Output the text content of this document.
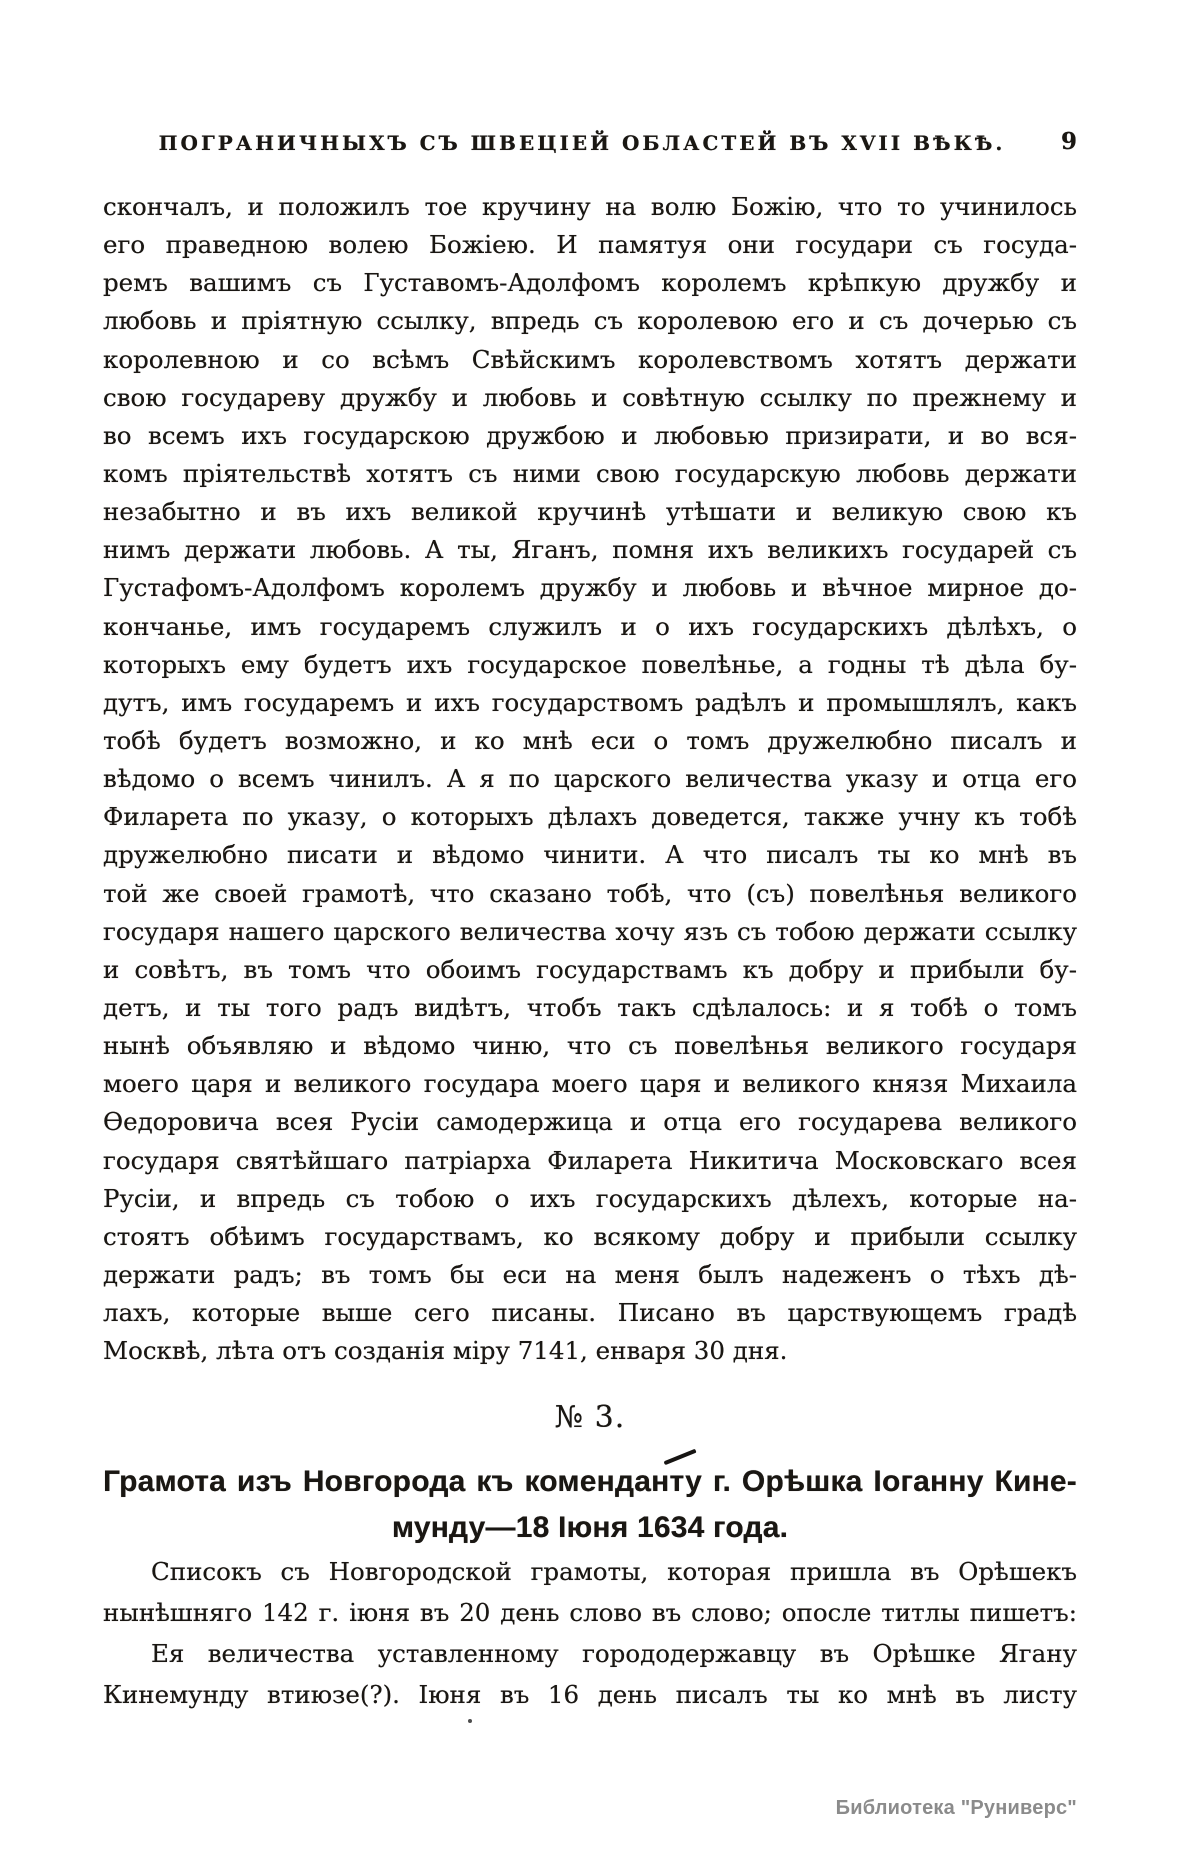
ПОГРАНИЧНЫХЪ СЪ ШВЕЦІЕЙ ОБЛАСТЕЙ ВЪ XVII ВѢКѢ. 9
скончалъ, и положилъ тое кручину на волю Божію, что то учинилось
его праведною волею Божіею. И памятуя они государи съ госуда-
ремъ вашимъ съ Густавомъ-Адолфомъ королемъ крѣпкую дружбу и
любовь и пріятную ссылку, впредь съ королевою его и съ дочерью съ
королевною и со всѣмъ Свѣйскимъ королевствомъ хотятъ держати
свою государеву дружбу и любовь и совѣтную ссылку по прежнему и
во всемъ ихъ государскою дружбою и любовью призирати, и во вся-
комъ пріятельствѣ хотятъ съ ними свою государскую любовь держати
незабытно и въ ихъ великой кручинѣ утѣшати и великую свою къ
нимъ держати любовь. А ты, Яганъ, помня ихъ великихъ государей съ
Густафомъ-Адолфомъ королемъ дружбу и любовь и вѣчное мирное до-
кончанье, имъ государемъ служилъ и о ихъ государскихъ дѣлѣхъ, о
которыхъ ему будетъ ихъ государское повелѣнье, а годны тѣ дѣла бу-
дутъ, имъ государемъ и ихъ государствомъ радѣлъ и промышлялъ, какъ
тобѣ будетъ возможно, и ко мнѣ еси о томъ дружелюбно писалъ и
вѣдомо о всемъ чинилъ. А я по царского величества указу и отца его
Филарета по указу, о которыхъ дѣлахъ доведется, также учну къ тобѣ
дружелюбно писати и вѣдомо чинити. А что писалъ ты ко мнѣ въ
той же своей грамотѣ, что сказано тобѣ, что (съ) повелѣнья великого
государя нашего царского величества хочу язъ съ тобою держати ссылку
и совѣтъ, въ томъ что обоимъ государствамъ къ добру и прибыли бу-
детъ, и ты того радъ видѣтъ, чтобъ такъ сдѣлалось: и я тобѣ о томъ
нынѣ объявляю и вѣдомо чиню, что съ повелѣнья великого государя
моего царя и великого государа моего царя и великого князя Михаила
Ѳедоровича всея Русіи самодержица и отца его государева великого
государя святѣйшаго патріарха Филарета Никитича Московскаго всея
Русіи, и впредь съ тобою о ихъ государскихъ дѣлехъ, которые на-
стоятъ обѣимъ государствамъ, ко всякому добру и прибыли ссылку
держати радъ; въ томъ бы еси на меня былъ надеженъ о тѣхъ дѣ-
лахъ, которые выше сего писаны. Писано въ царствующемъ градѣ
Москвѣ, лѣта отъ созданія міру 7141, енваря 30 дня.
№ 3.
Грамота изъ Новгорода къ коменданту г. Орѣшка Іоганну Кине-
мунду—18 Іюня 1634 года.
Списокъ съ Новгородской грамоты, которая пришла въ Орѣшекъ
нынѣшняго 142 г. іюня въ 20 день слово въ слово; опосле титлы пишетъ:
Ея величества уставленному горододержавцу въ Орѣшке Ягану
Кинемунду втиюзе(?). Іюня въ 16 день писалъ ты ко мнѣ въ листу
Библиотека "Руниверс"
